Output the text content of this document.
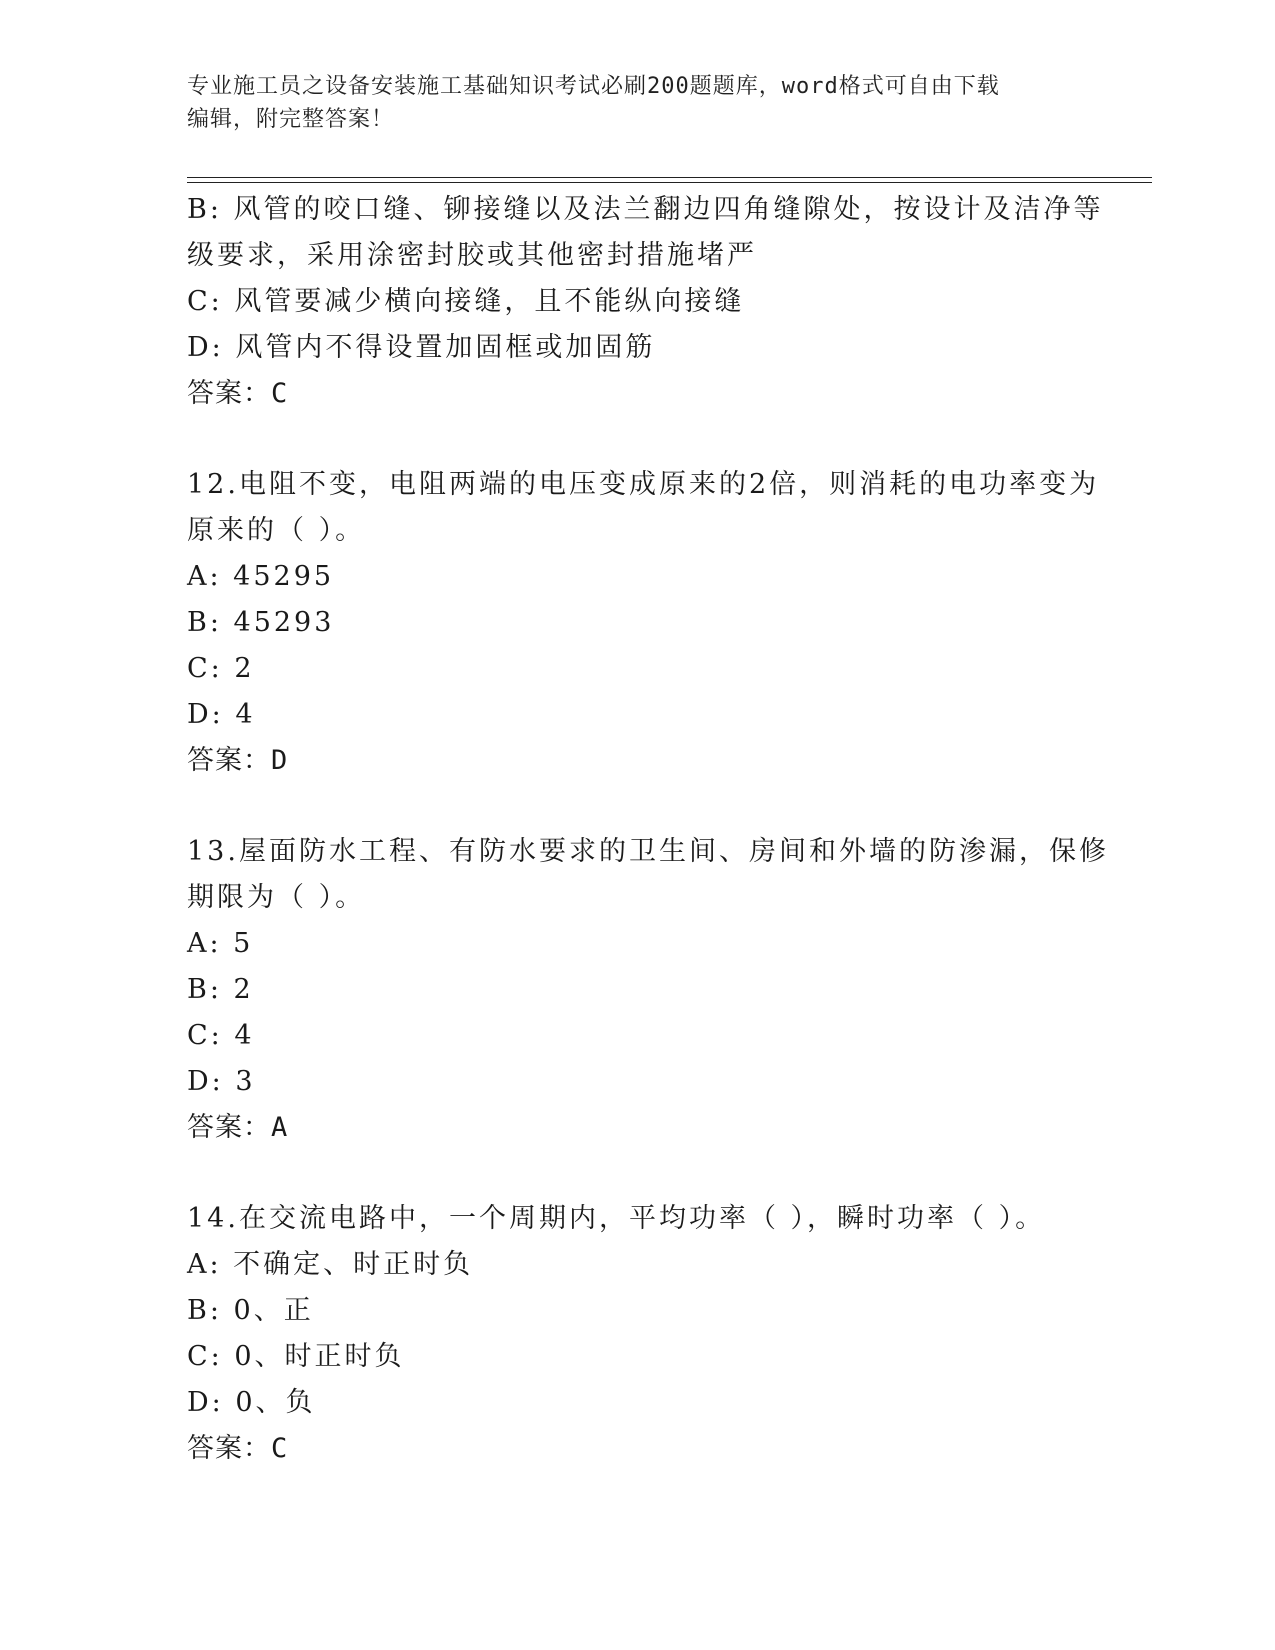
专业施工员之设备安装施工基础知识考试必刷200题题库，word格式可自由下载
编辑，附完整答案！
B: 风管的咬口缝、铆接缝以及法兰翻边四角缝隙处，按设计及洁净等
级要求，采用涂密封胶或其他密封措施堵严
C: 风管要减少横向接缝，且不能纵向接缝
D: 风管内不得设置加固框或加固筋
答案：C
12.电阻不变，电阻两端的电压变成原来的2倍，则消耗的电功率变为
原来的（ ）。
A: 45295
B: 45293
C: 2
D: 4
答案：D
13.屋面防水工程、有防水要求的卫生间、房间和外墙的防渗漏，保修
期限为（ ）。
A: 5
B: 2
C: 4
D: 3
答案：A
14.在交流电路中，一个周期内，平均功率（ ），瞬时功率（ ）。
A: 不确定、时正时负
B: 0、正
C: 0、时正时负
D: 0、负
答案：C
